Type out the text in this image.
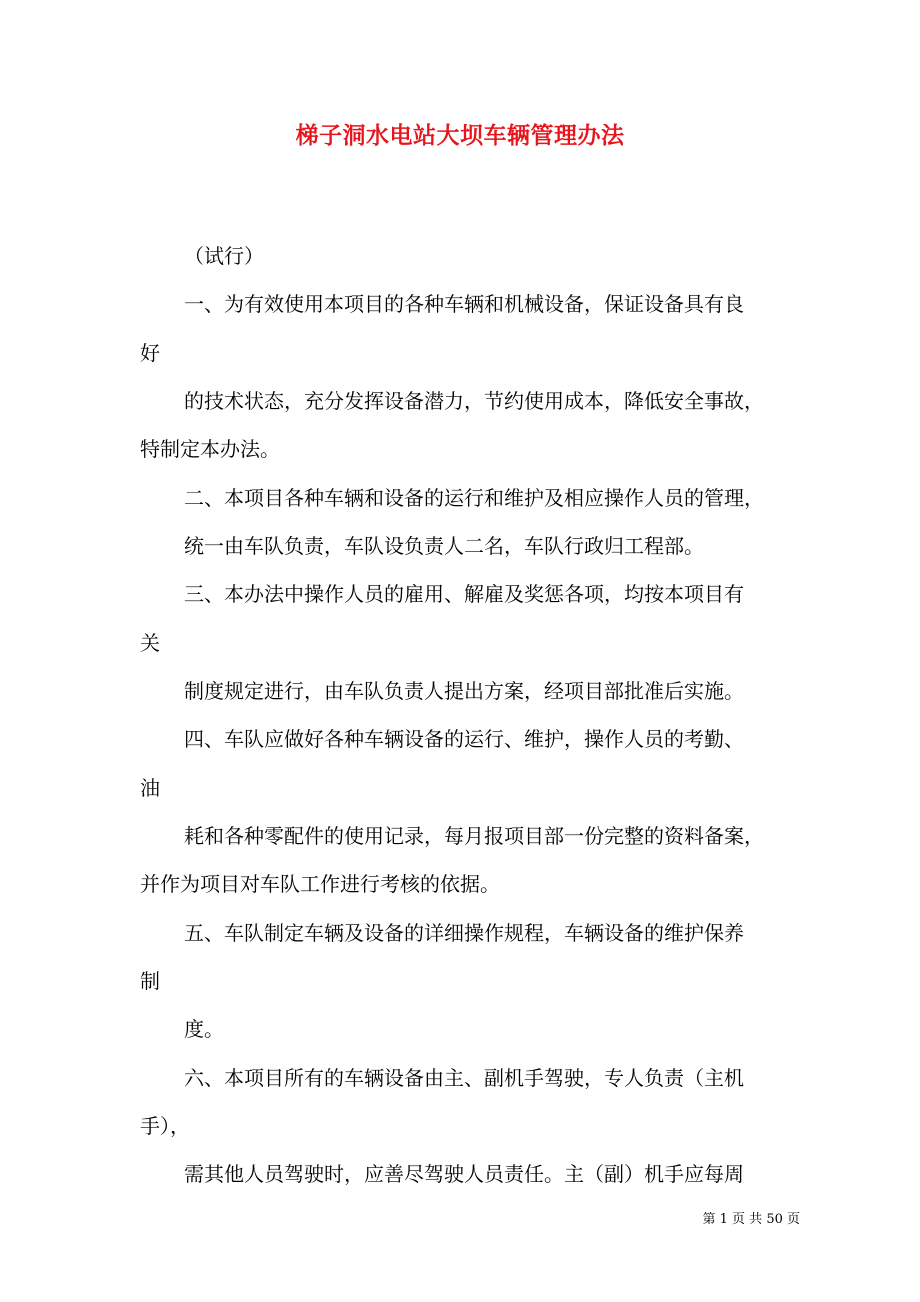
梯子洞水电站大坝车辆管理办法
（试行）
一、为有效使用本项目的各种车辆和机械设备，保证设备具有良
好
的技术状态，充分发挥设备潜力，节约使用成本，降低安全事故，
特制定本办法。
二、本项目各种车辆和设备的运行和维护及相应操作人员的管理，
统一由车队负责，车队设负责人二名，车队行政归工程部。
三、本办法中操作人员的雇用、解雇及奖惩各项，均按本项目有
关
制度规定进行，由车队负责人提出方案，经项目部批准后实施。
四、车队应做好各种车辆设备的运行、维护，操作人员的考勤、
油
耗和各种零配件的使用记录，每月报项目部一份完整的资料备案，
并作为项目对车队工作进行考核的依据。
五、车队制定车辆及设备的详细操作规程，车辆设备的维护保养
制
度。
六、本项目所有的车辆设备由主、副机手驾驶，专人负责（主机
手），
需其他人员驾驶时，应善尽驾驶人员责任。主（副）机手应每周
第 1 页 共 50 页
